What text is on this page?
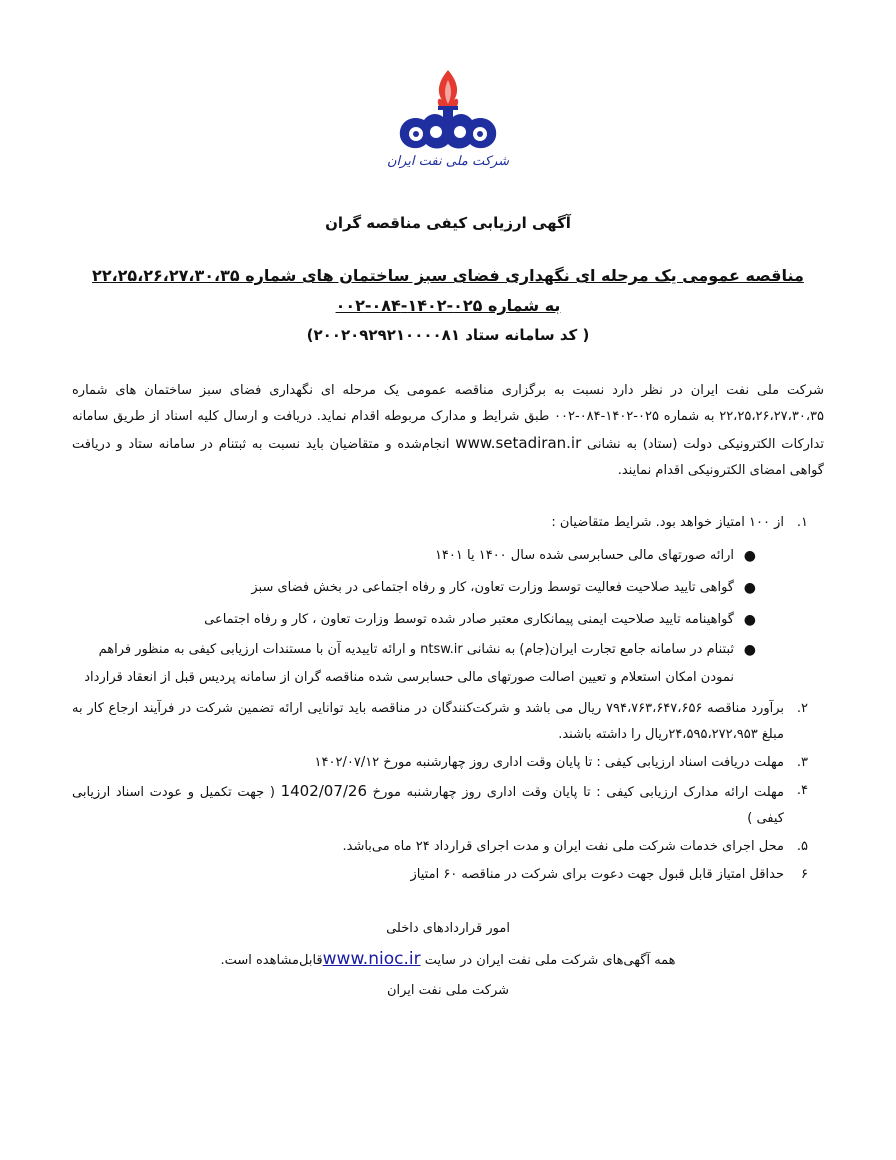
شرکت ملی نفت ایران
آگهی ارزیابی کیفی مناقصه گران
مناقصه عمومی یک مرحله ای نگهداری فضای سبز ساختمان های شماره ۲۲،۲۵،۲۶،۲۷،۳۰،۳۵
به شماره ۰۲۵-۱۴۰۲-۰۸۴-۰۰۲
( کد سامانه ستاد ۲۰۰۲۰۹۲۹۲۱۰۰۰۰۸۱)
شرکت ملی نفت ایران در نظر دارد نسبت به برگزاری مناقصه عمومی یک مرحله ای نگهداری فضای سبز ساختمان های شماره ۲۲،۲۵،۲۶،۲۷،۳۰،۳۵ به شماره ۰۲۵-۱۴۰۲-۰۸۴-۰۰۲ طبق شرایط و مدارک مربوطه اقدام نماید. دریافت و ارسال کلیه اسناد از طریق سامانه تدارکات الکترونیکی دولت (ستاد) به نشانی www.setadiran.ir انجام‌شده و متقاضیان باید نسبت به ثبتنام در سامانه ستاد و دریافت گواهی امضای الکترونیکی اقدام نمایند.
۱.
از ۱۰۰ امتیاز خواهد بود. شرایط متقاضیان :
●
ارائه صورتهای مالی حسابرسی شده سال ۱۴۰۰ یا ۱۴۰۱
●
گواهی تایید صلاحیت فعالیت توسط وزارت تعاون، کار و رفاه اجتماعی در بخش فضای سبز
●
گواهینامه تایید صلاحیت ایمنی پیمانکاری معتبر صادر شده توسط وزارت تعاون ، کار و رفاه اجتماعی
●
ثبتنام در سامانه جامع تجارت ایران(جام) به نشانی ntsw.ir و ارائه تاییدیه آن با مستندات ارزیابی کیفی به منظور فراهم نمودن امکان استعلام و تعیین اصالت صورتهای مالی حسابرسی شده مناقصه گران از سامانه پردیس قبل از انعقاد قرارداد
۲.
برآورد مناقصه ۷۹۴،۷۶۳،۶۴۷،۶۵۶ ریال می باشد و شرکت‌کنندگان در مناقصه باید توانایی ارائه تضمین شرکت در فرآیند ارجاع کار به مبلغ ۲۴،۵۹۵،۲۷۲،۹۵۳ریال را داشته باشند.
۳.
مهلت دریافت اسناد ارزیابی کیفی : تا پایان وقت اداری روز چهارشنبه مورخ ۱۴۰۲/۰۷/۱۲
۴.
مهلت ارائه مدارک ارزیابی کیفی : تا پایان وقت اداری روز چهارشنبه مورخ 1402/07/26 ( جهت تکمیل و عودت اسناد ارزیابی کیفی )
۵.
محل اجرای خدمات شرکت ملی نفت ایران و مدت اجرای قرارداد ۲۴ ماه می‌باشد.
۶
حداقل امتیاز قابل قبول جهت دعوت برای شرکت در مناقصه ۶۰ امتیاز
امور قراردادهای داخلی
همه آگهی‌های شرکت ملی نفت ایران در سایت www.nioc.irقابل‌مشاهده است.
شرکت ملی نفت ایران
